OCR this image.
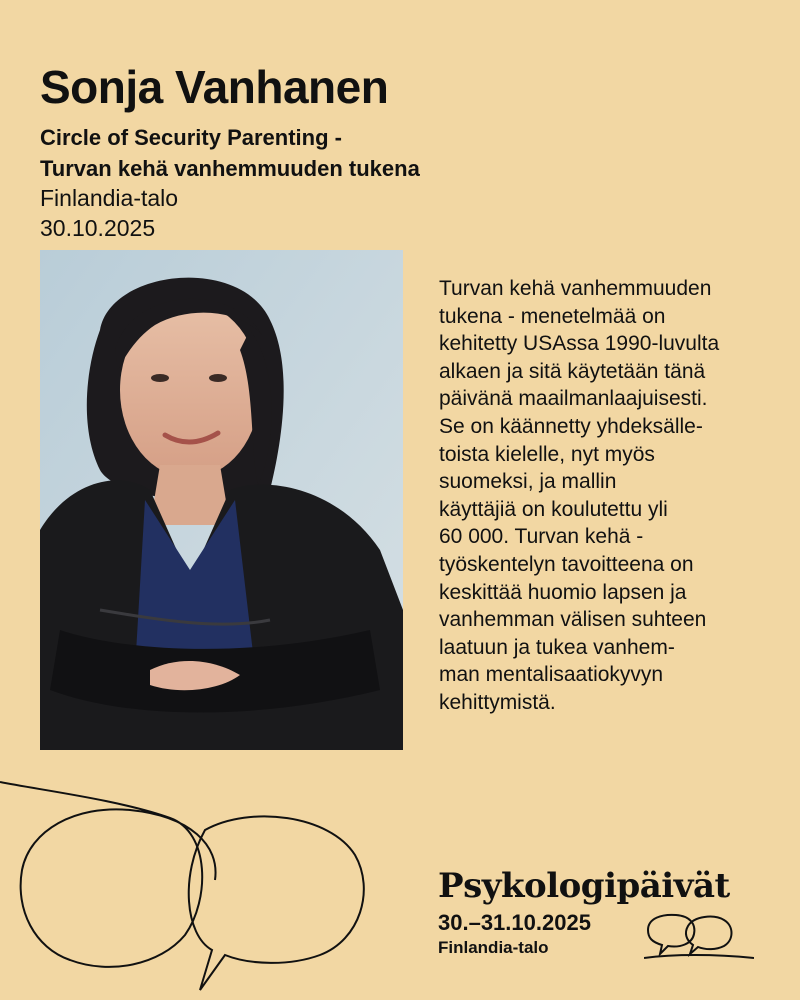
Sonja Vanhanen
Circle of Security Parenting -
Turvan kehä vanhemmuuden tukena
Finlandia-talo
30.10.2025

Turvan kehä vanhemmuuden
tukena - menetelmää on
kehitetty USAssa 1990-luvulta
alkaen ja sitä käytetään tänä
päivänä maailmanlaajuisesti.
Se on käännetty yhdeksälle-
toista kielelle, nyt myös
suomeksi, ja mallin
käyttäjiä on koulutettu yli
60 000. Turvan kehä -
työskentelyn tavoitteena on
keskittää huomio lapsen ja
vanhemman välisen suhteen
laatuun ja tukea vanhem-
man mentalisaatiokyvyn
kehittymistä.

Psykologipäivät
30.–31.10.2025
Finlandia-talo
